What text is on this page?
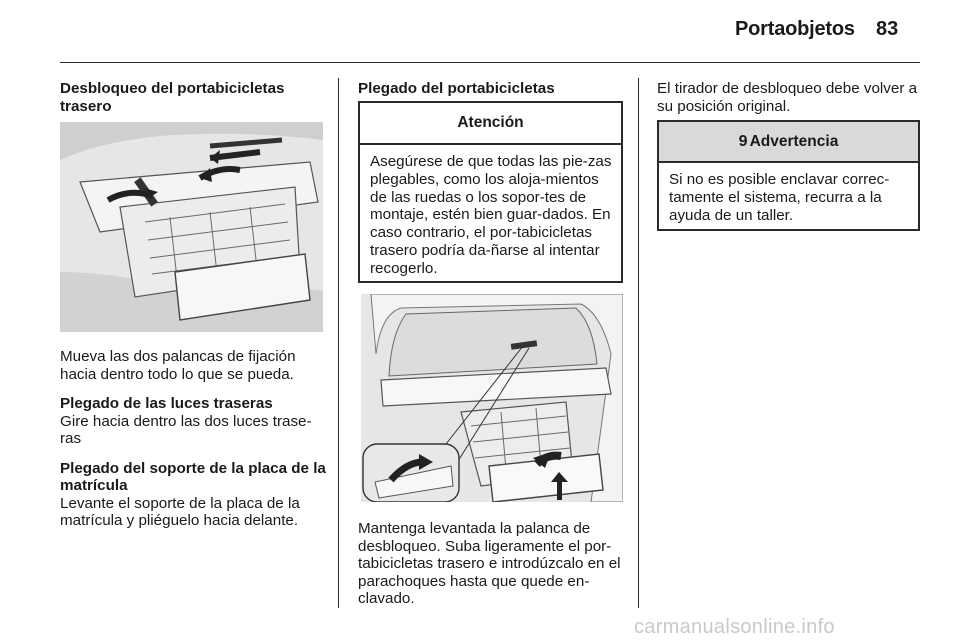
Portaobjetos 83

Desbloqueo del portabicicletas trasero

Mueva las dos palancas de fijación hacia dentro todo lo que se pueda.

Plegado de las luces traseras

Gire hacia dentro las dos luces trase-ras

Plegado del soporte de la placa de la matrícula

Levante el soporte de la placa de la matrícula y pliéguelo hacia delante.

Plegado del portabicicletas

Atención
Asegúrese de que todas las pie-zas plegables, como los aloja-mientos de las ruedas o los sopor-tes de montaje, estén bien guar-dados. En caso contrario, el por-tabicicletas trasero podría da-ñarse al intentar recogerlo.

Mantenga levantada la palanca de desbloqueo. Suba ligeramente el por-tabicicletas trasero e introdúzcalo en el parachoques hasta que quede en-clavado.

El tirador de desbloqueo debe volver a su posición original.

9 Advertencia
Si no es posible enclavar correc-tamente el sistema, recurra a la ayuda de un taller.
carmanualsonline.info
